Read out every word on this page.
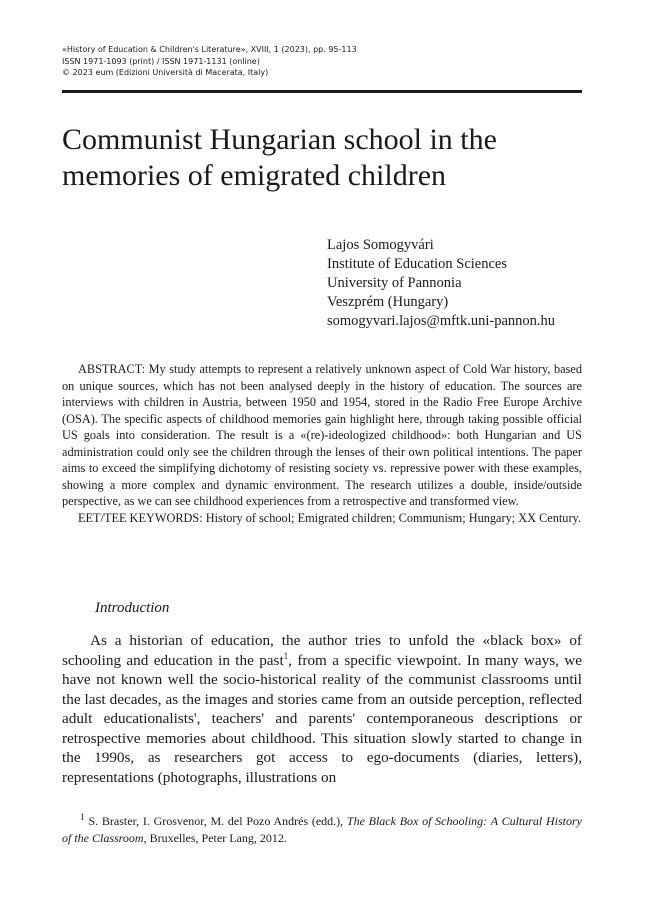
«History of Education & Children's Literature», XVIII, 1 (2023), pp. 95-113
ISSN 1971-1093 (print) / ISSN 1971-1131 (online)
© 2023 eum (Edizioni Università di Macerata, Italy)
Communist Hungarian school in the memories of emigrated children
Lajos Somogyvári
Institute of Education Sciences
University of Pannonia
Veszprém (Hungary)
somogyvari.lajos@mftk.uni-pannon.hu

ABSTRACT: My study attempts to represent a relatively unknown aspect of Cold War history, based on unique sources, which has not been analysed deeply in the history of education. The sources are interviews with children in Austria, between 1950 and 1954, stored in the Radio Free Europe Archive (OSA). The specific aspects of childhood memories gain highlight here, through taking possible official US goals into consideration. The result is a «(re)-ideologized childhood»: both Hungarian and US administration could only see the children through the lenses of their own political intentions. The paper aims to exceed the simplifying dichotomy of resisting society vs. repressive power with these examples, showing a more complex and dynamic environment. The research utilizes a double, inside/outside perspective, as we can see childhood experiences from a retrospective and transformed view.

EET/TEE KEYWORDS: History of school; Emigrated children; Communism; Hungary; XX Century.

Introduction

As a historian of education, the author tries to unfold the «black box» of schooling and education in the past$^1$, from a specific viewpoint. In many ways, we have not known well the socio-historical reality of the communist classrooms until the last decades, as the images and stories came from an outside perception, reflected adult educationalists', teachers' and parents' contemporaneous descriptions or retrospective memories about childhood. This situation slowly started to change in the 1990s, as researchers got access to ego-documents (diaries, letters), representations (photographs, illustrations on

$^1$ S. Braster, I. Grosvenor, M. del Pozo Andrés (edd.), The Black Box of Schooling: A Cultural History of the Classroom, Bruxelles, Peter Lang, 2012.
